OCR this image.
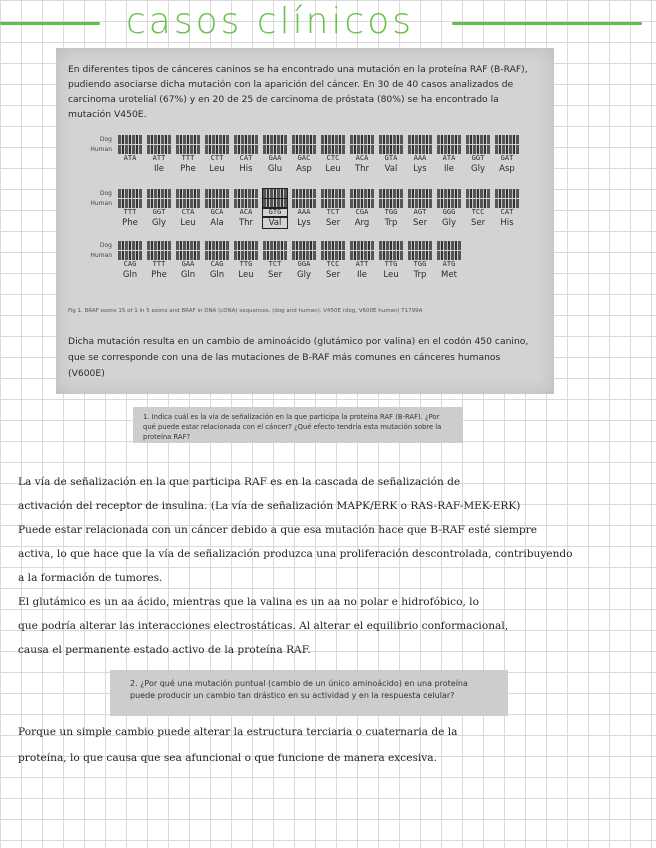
casos clínicos
En diferentes tipos de cánceres caninos se ha encontrado una mutación en la proteína RAF (B-RAF), pudiendo asociarse dicha mutación con la aparición del cáncer. En 30 de 40 casos analizados de carcinoma urotelial (67%) y en 20 de 25 de carcinoma de próstata (80%) se ha encontrado la mutación V450E.
Dog
Human
ATA	ATT	TTT	CTT	CAT	GAA	GAC	CTC	ACA	GTA	AAA	ATA	GGT	GAT
Ile	Phe	Leu	His	Glu	Asp	Leu	Thr	Val	Lys	Ile	Gly	Asp
Dog
Human
TTT	GGT	CTA	GCA	ACA	GTG	AAA	TCT	CGA	TGG	AGT	GGG	TCC	CAT
Phe	Gly	Leu	Ala	Thr	Val	Lys	Ser	Arg	Trp	Ser	Gly	Ser	His
Dog
Human
CAG	TTT	GAA	CAG	TTG	TCT	GGA	TCC	ATT	TTG	TGG	ATG
Gln	Phe	Gln	Gln	Leu	Ser	Gly	Ser	Ile	Leu	Trp	Met
Fig 1. BRAF exons 15 of 1 in 5 exons and BRAF in DNA (cDNA) sequences, (dog and human). V450E (dog, V600E human) T1799A
Dicha mutación resulta en un cambio de aminoácido (glutámico por valina) en el codón 450 canino, que se corresponde con una de las mutaciones de B-RAF más comunes en cánceres humanos (V600E)
1. Indica cuál es la vía de señalización en la que participa la proteína RAF (B-RAF). ¿Por qué puede estar relacionada con el cáncer? ¿Qué efecto tendría esta mutación sobre la proteína RAF?
La vía de señalización en la que participa RAF es en la cascada de señalización de
activación del receptor de insulina. (La vía de señalización MAPK/ERK o RAS-RAF-MEK-ERK)
Puede estar relacionada con un cáncer debido a que esa mutación hace que B-RAF esté siempre
activa, lo que hace que la vía de señalización produzca una proliferación descontrolada, contribuyendo
a la formación de tumores.
El glutámico es un aa ácido, mientras que la valina es un aa no polar e hidrofóbico, lo
que podría alterar las interacciones electrostáticas. Al alterar el equilibrio conformacional,
causa el permanente estado activo de la proteína RAF.
2. ¿Por qué una mutación puntual (cambio de un único aminoácido) en una proteína puede producir un cambio tan drástico en su actividad y en la respuesta celular?
Porque un simple cambio puede alterar la estructura terciaria o cuaternaria de la
proteína, lo que causa que sea afuncional o que funcione de manera excesiva.
